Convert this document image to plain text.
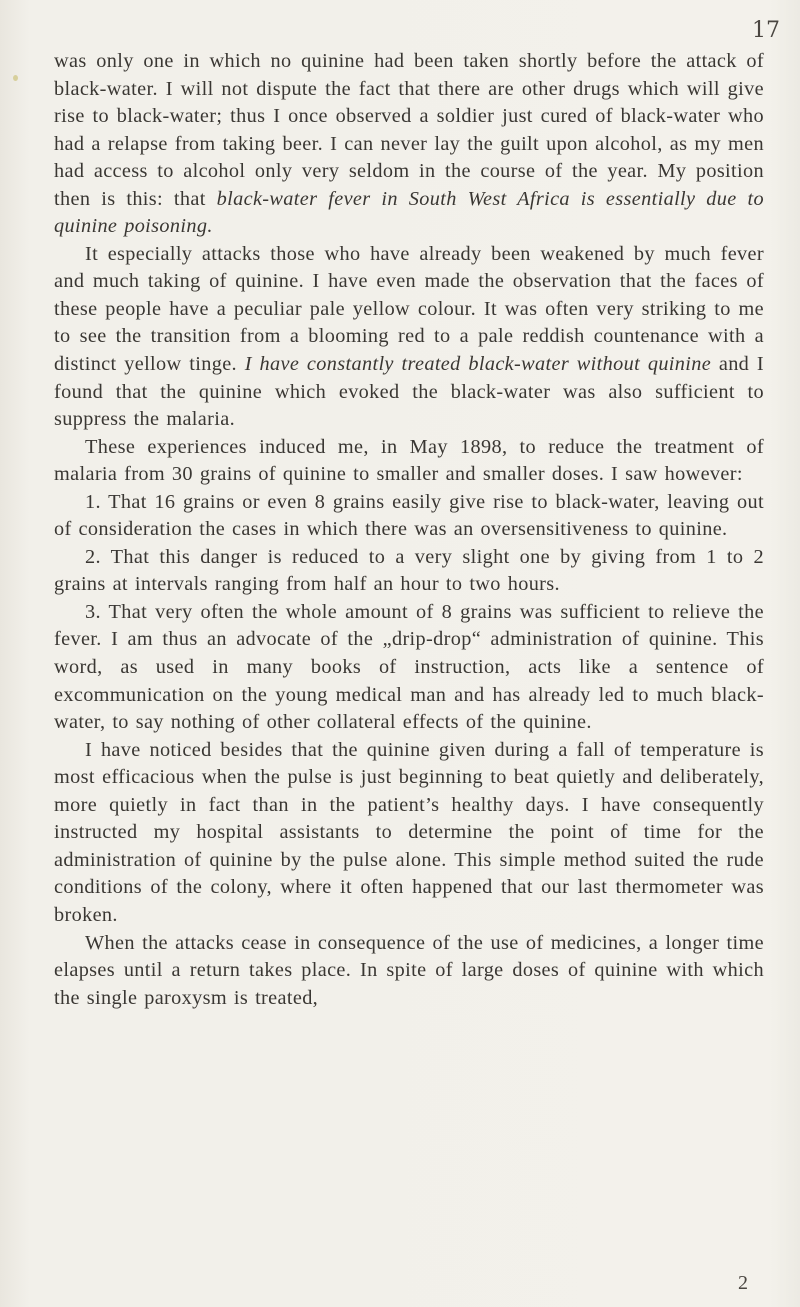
17

was only one in which no quinine had been taken shortly before the attack of black-water. I will not dispute the fact that there are other drugs which will give rise to black-water; thus I once observed a soldier just cured of black-water who had a relapse from taking beer. I can never lay the guilt upon alcohol, as my men had access to alcohol only very seldom in the course of the year. My position then is this: that black-water fever in South West Africa is essentially due to quinine poisoning.

It especially attacks those who have already been weakened by much fever and much taking of quinine. I have even made the observation that the faces of these people have a peculiar pale yellow colour. It was often very striking to me to see the transition from a blooming red to a pale reddish countenance with a distinct yellow tinge. I have constantly treated black-water without quinine and I found that the quinine which evoked the black-water was also sufficient to suppress the malaria.

These experiences induced me, in May 1898, to reduce the treatment of malaria from 30 grains of quinine to smaller and smaller doses. I saw however:

1. That 16 grains or even 8 grains easily give rise to black-water, leaving out of consideration the cases in which there was an oversensitiveness to quinine.

2. That this danger is reduced to a very slight one by giving from 1 to 2 grains at intervals ranging from half an hour to two hours.

3. That very often the whole amount of 8 grains was sufficient to relieve the fever. I am thus an advocate of the „drip-drop“ administration of quinine. This word, as used in many books of instruction, acts like a sentence of excommunication on the young medical man and has already led to much black-water, to say nothing of other collateral effects of the quinine.

I have noticed besides that the quinine given during a fall of temperature is most efficacious when the pulse is just beginning to beat quietly and deliberately, more quietly in fact than in the patient’s healthy days. I have consequently instructed my hospital assistants to determine the point of time for the administration of quinine by the pulse alone. This simple method suited the rude conditions of the colony, where it often happened that our last thermometer was broken.

When the attacks cease in consequence of the use of medicines, a longer time elapses until a return takes place. In spite of large doses of quinine with which the single paroxysm is treated,

2
